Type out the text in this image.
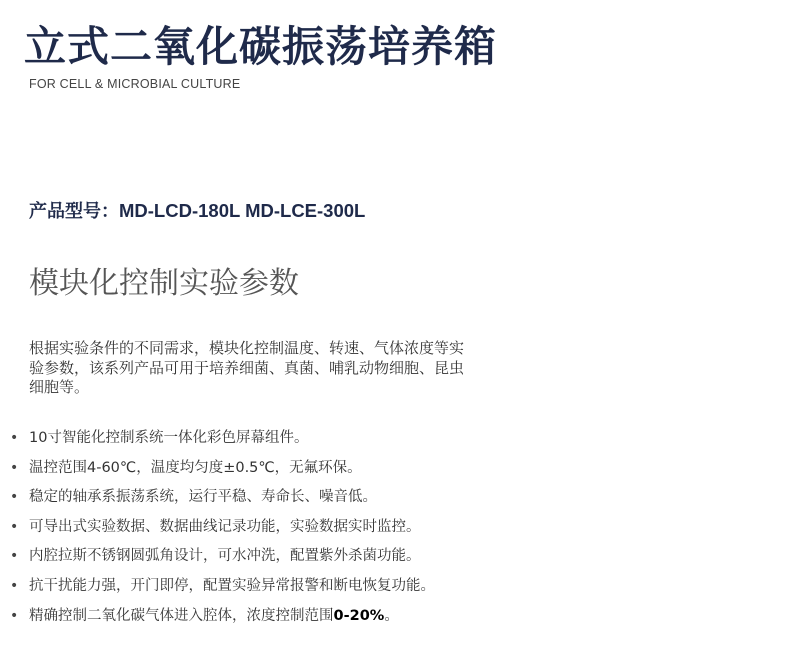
立式二氧化碳振荡培养箱
FOR CELL & MICROBIAL CULTURE
产品型号：MD-LCD-180L MD-LCE-300L
模块化控制实验参数

根据实验条件的不同需求，模块化控制温度、转速、气体浓度等实
验参数，该系列产品可用于培养细菌、真菌、哺乳动物细胞、昆虫
细胞等。

• 10寸智能化控制系统一体化彩色屏幕组件。
• 温控范围4-60℃，温度均匀度±0.5℃，无氟环保。
• 稳定的轴承系振荡系统，运行平稳、寿命长、噪音低。
• 可导出式实验数据、数据曲线记录功能，实验数据实时监控。
• 内腔拉斯不锈钢圆弧角设计，可水冲洗，配置紫外杀菌功能。
• 抗干扰能力强，开门即停，配置实验异常报警和断电恢复功能。
• 精确控制二氧化碳气体进入腔体，浓度控制范围0-20%。
